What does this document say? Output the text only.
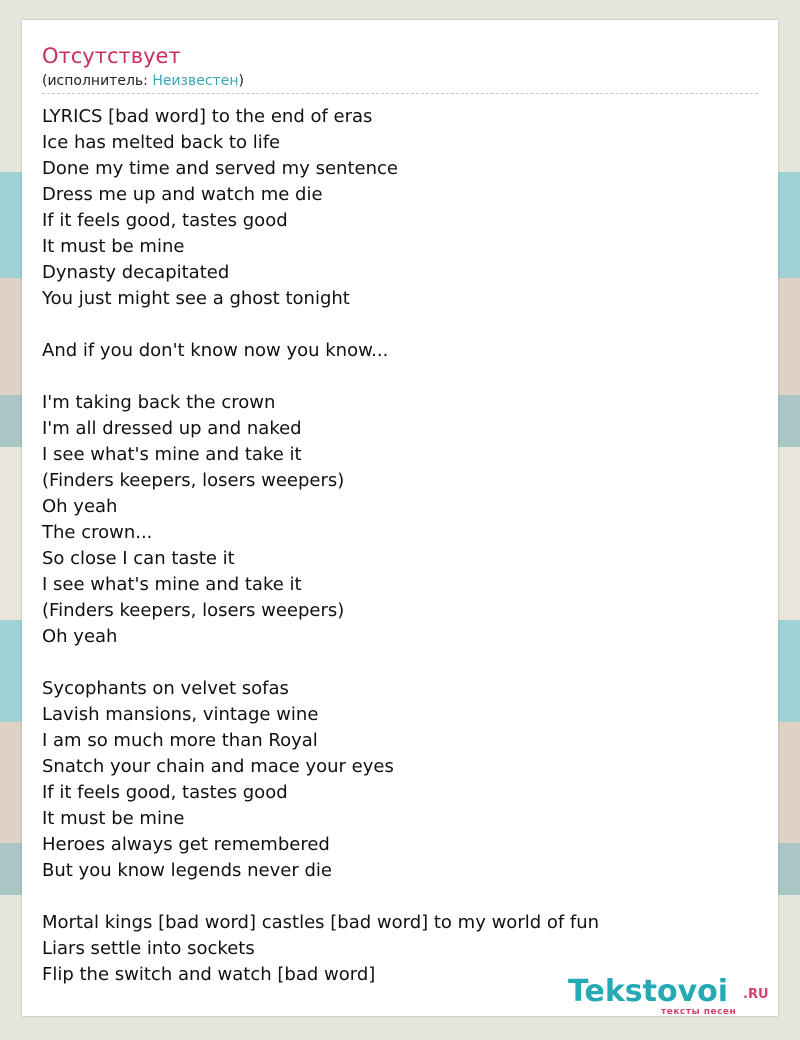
Отсутствует
(исполнитель: Неизвестен)
LYRICS [bad word] to the end of eras
Ice has melted back to life
Done my time and served my sentence
Dress me up and watch me die
If it feels good, tastes good
It must be mine
Dynasty decapitated
You just might see a ghost tonight
And if you don't know now you know...
I'm taking back the crown
I'm all dressed up and naked
I see what's mine and take it
(Finders keepers, losers weepers)
Oh yeah
The crown...
So close I can taste it
I see what's mine and take it
(Finders keepers, losers weepers)
Oh yeah
Sycophants on velvet sofas
Lavish mansions, vintage wine
I am so much more than Royal
Snatch your chain and mace your eyes
If it feels good, tastes good
It must be mine
Heroes always get remembered
But you know legends never die
Mortal kings [bad word] castles [bad word] to my world of fun
Liars settle into sockets
Flip the switch and watch [bad word]	Tekstovoi .RU
тексты песен
